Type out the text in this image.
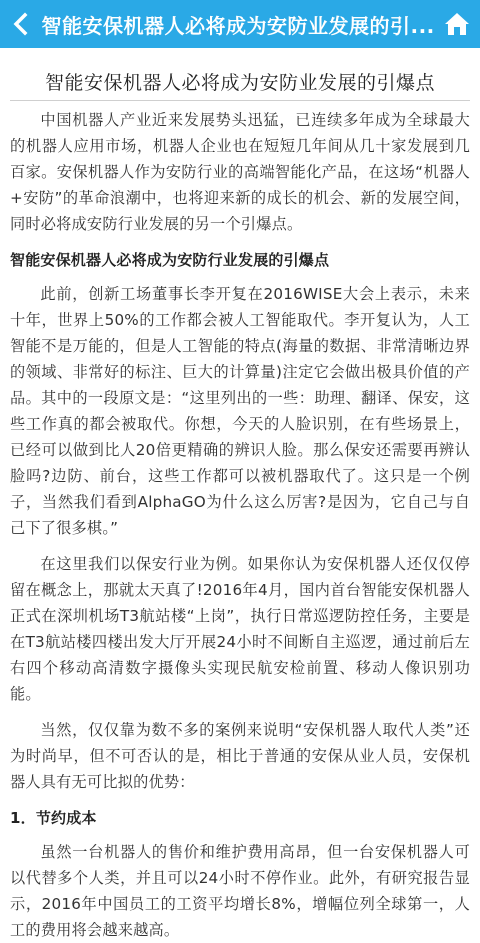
智能安保机器人必将成为安防业发展的引...
智能安保机器人必将成为安防业发展的引爆点

中国机器人产业近来发展势头迅猛，已连续多年成为全球最大的机器人应用市场，机器人企业也在短短几年间从几十家发展到几百家。安保机器人作为安防行业的高端智能化产品，在这场“机器人+安防”的革命浪潮中，也将迎来新的成长的机会、新的发展空间，同时必将成安防行业发展的另一个引爆点。

智能安保机器人必将成为安防行业发展的引爆点

此前，创新工场董事长李开复在2016WISE大会上表示，未来十年，世界上50%的工作都会被人工智能取代。李开复认为，人工智能不是万能的，但是人工智能的特点(海量的数据、非常清晰边界的领域、非常好的标注、巨大的计算量)注定它会做出极具价值的产品。其中的一段原文是：“这里列出的一些：助理、翻译、保安，这些工作真的都会被取代。你想，今天的人脸识别，在有些场景上，已经可以做到比人20倍更精确的辨识人脸。那么保安还需要再辨认脸吗?边防、前台，这些工作都可以被机器取代了。这只是一个例子，当然我们看到AlphaGO为什么这么厉害?是因为，它自己与自己下了很多棋。”

在这里我们以保安行业为例。如果你认为安保机器人还仅仅停留在概念上，那就太天真了!2016年4月，国内首台智能安保机器人正式在深圳机场T3航站楼“上岗”，执行日常巡逻防控任务，主要是在T3航站楼四楼出发大厅开展24小时不间断自主巡逻，通过前后左右四个移动高清数字摄像头实现民航安检前置、移动人像识别功能。

当然，仅仅靠为数不多的案例来说明“安保机器人取代人类”还为时尚早，但不可否认的是，相比于普通的安保从业人员，安保机器人具有无可比拟的优势：

1．节约成本

虽然一台机器人的售价和维护费用高昂，但一台安保机器人可以代替多个人类，并且可以24小时不停作业。此外，有研究报告显示，2016年中国员工的工资平均增长8%，增幅位列全球第一，人工的费用将会越来越高。
